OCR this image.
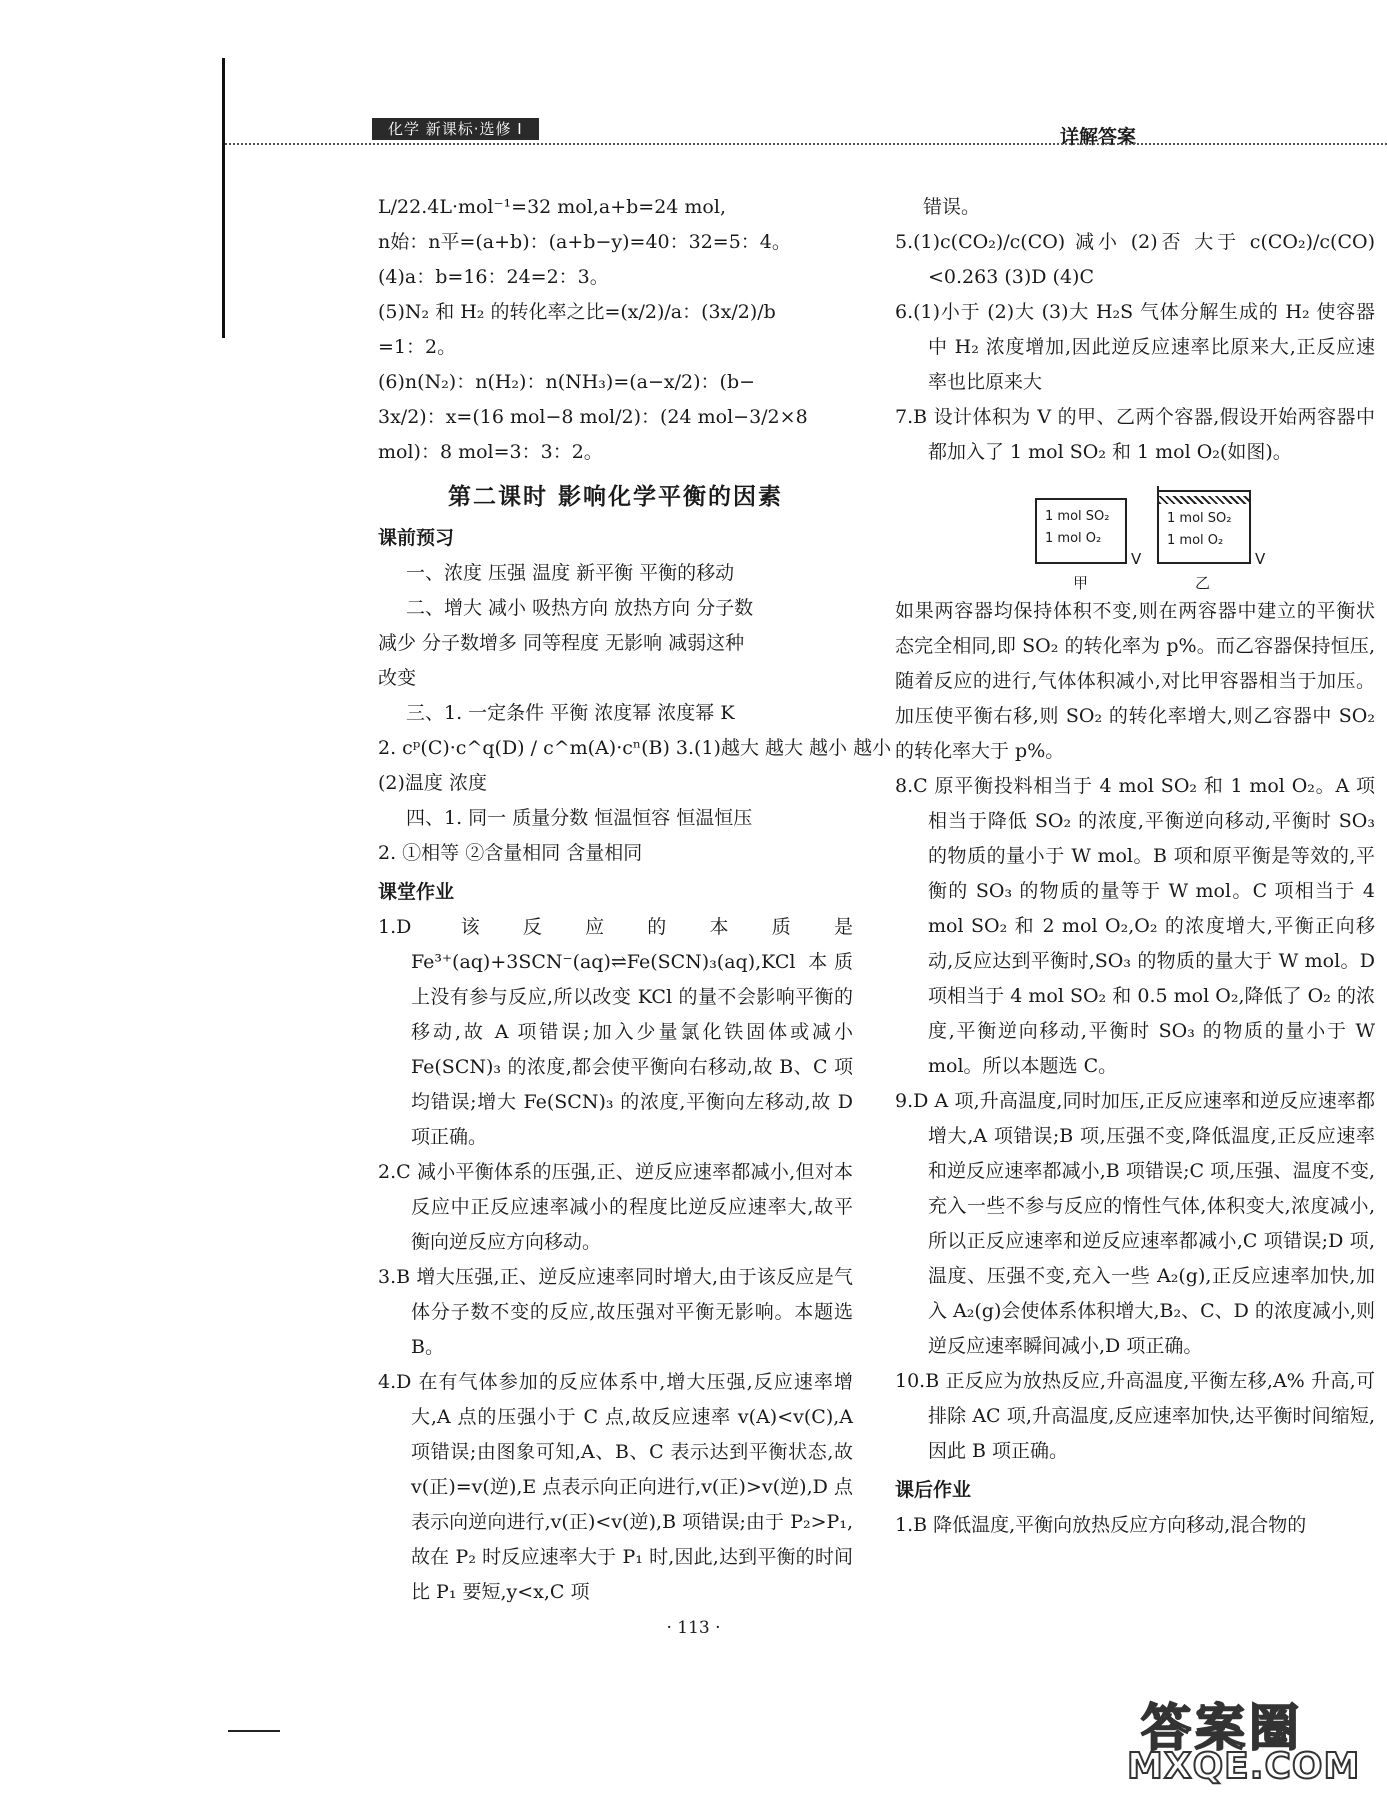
化学 新课标·选修 I	详解答案
L/22.4L·mol⁻¹=32 mol,a+b=24 mol,
n始：n平=(a+b)：(a+b−y)=40：32=5：4。
(4)a：b=16：24=2：3。
(5)N₂ 和 H₂ 的转化率之比=(x/2)/a：(3x/2)/b
=1：2。
(6)n(N₂)：n(H₂)：n(NH₃)=(a−x/2)：(b−
3x/2)：x=(16 mol−8 mol/2)：(24 mol−3/2×8
mol)：8 mol=3：3：2。
第二课时 影响化学平衡的因素
课前预习
一、浓度 压强 温度 新平衡 平衡的移动
二、增大 减小 吸热方向 放热方向 分子数
减少 分子数增多 同等程度 无影响 减弱这种
改变
三、1. 一定条件 平衡 浓度幂 浓度幂 K
2. cᵖ(C)·c^q(D) / c^m(A)·cⁿ(B) 3.(1)越大 越大 越小 越小
(2)温度 浓度
四、1. 同一 质量分数 恒温恒容 恒温恒压
2. ①相等 ②含量相同 含量相同
课堂作业
1.D 该反应的本质是 Fe³⁺(aq)+3SCN⁻(aq)⇌Fe(SCN)₃(aq),KCl 本质上没有参与反应,所以改变 KCl 的量不会影响平衡的移动,故 A 项错误;加入少量氯化铁固体或减小 Fe(SCN)₃ 的浓度,都会使平衡向右移动,故 B、C 项均错误;增大 Fe(SCN)₃ 的浓度,平衡向左移动,故 D 项正确。
2.C 减小平衡体系的压强,正、逆反应速率都减小,但对本反应中正反应速率减小的程度比逆反应速率大,故平衡向逆反应方向移动。
3.B 增大压强,正、逆反应速率同时增大,由于该反应是气体分子数不变的反应,故压强对平衡无影响。本题选 B。
4.D 在有气体参加的反应体系中,增大压强,反应速率增大,A 点的压强小于 C 点,故反应速率 v(A)<v(C),A 项错误;由图象可知,A、B、C 表示达到平衡状态,故 v(正)=v(逆),E 点表示向正向进行,v(正)>v(逆),D 点表示向逆向进行,v(正)<v(逆),B 项错误;由于 P₂>P₁,故在 P₂ 时反应速率大于 P₁ 时,因此,达到平衡的时间比 P₁ 要短,y<x,C 项
错误。
5.(1)c(CO₂)/c(CO) 减小 (2)否 大于 c(CO₂)/c(CO) <0.263 (3)D (4)C
6.(1)小于 (2)大 (3)大 H₂S 气体分解生成的 H₂ 使容器中 H₂ 浓度增加,因此逆反应速率比原来大,正反应速率也比原来大
7.B 设计体积为 V 的甲、乙两个容器,假设开始两容器中都加入了 1 mol SO₂ 和 1 mol O₂(如图)。
1 mol SO₂
1 mol O₂
V
甲
1 mol SO₂
1 mol O₂
V
乙
如果两容器均保持体积不变,则在两容器中建立的平衡状态完全相同,即 SO₂ 的转化率为 p%。而乙容器保持恒压,随着反应的进行,气体体积减小,对比甲容器相当于加压。加压使平衡右移,则 SO₂ 的转化率增大,则乙容器中 SO₂ 的转化率大于 p%。
8.C 原平衡投料相当于 4 mol SO₂ 和 1 mol O₂。A 项相当于降低 SO₂ 的浓度,平衡逆向移动,平衡时 SO₃ 的物质的量小于 W mol。B 项和原平衡是等效的,平衡的 SO₃ 的物质的量等于 W mol。C 项相当于 4 mol SO₂ 和 2 mol O₂,O₂ 的浓度增大,平衡正向移动,反应达到平衡时,SO₃ 的物质的量大于 W mol。D 项相当于 4 mol SO₂ 和 0.5 mol O₂,降低了 O₂ 的浓度,平衡逆向移动,平衡时 SO₃ 的物质的量小于 W mol。所以本题选 C。
9.D A 项,升高温度,同时加压,正反应速率和逆反应速率都增大,A 项错误;B 项,压强不变,降低温度,正反应速率和逆反应速率都减小,B 项错误;C 项,压强、温度不变,充入一些不参与反应的惰性气体,体积变大,浓度减小,所以正反应速率和逆反应速率都减小,C 项错误;D 项,温度、压强不变,充入一些 A₂(g),正反应速率加快,加入 A₂(g)会使体系体积增大,B₂、C、D 的浓度减小,则逆反应速率瞬间减小,D 项正确。
10.B 正反应为放热反应,升高温度,平衡左移,A% 升高,可排除 AC 项,升高温度,反应速率加快,达平衡时间缩短,因此 B 项正确。
课后作业
1.B 降低温度,平衡向放热反应方向移动,混合物的
· 113 ·
答案圈
MXQE.COM
